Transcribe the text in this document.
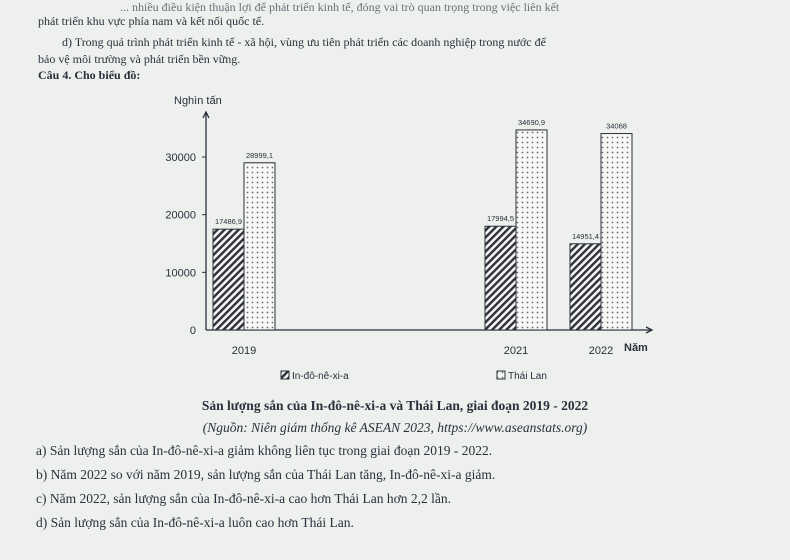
... nhiều điều kiện thuận lợi để phát triển kinh tế, đóng vai trò quan trọng trong việc liên kết
phát triển khu vực phía nam và kết nối quốc tế.
d) Trong quá trình phát triển kinh tế - xã hội, vùng ưu tiên phát triển các doanh nghiệp trong nước để
bảo vệ môi trường và phát triển bền vững.
Câu 4. Cho biểu đồ:
Nghìn tấn
Năm
0
10000
20000
30000
2019	2021	2022
17486,9
28999,1
17994,5
34690,9
14951,4
34068
In-đô-nê-xi-a	Thái Lan
Sản lượng sắn của In-đô-nê-xi-a và Thái Lan, giai đoạn 2019 - 2022
(Nguồn: Niên giám thống kê ASEAN 2023, https://www.aseanstats.org)
a) Sản lượng sắn của In-đô-nê-xi-a giảm không liên tục trong giai đoạn 2019 - 2022.
b) Năm 2022 so với năm 2019, sản lượng sắn của Thái Lan tăng, In-đô-nê-xi-a giảm.
c) Năm 2022, sản lượng sắn của In-đô-nê-xi-a cao hơn Thái Lan hơn 2,2 lần.
d) Sản lượng sắn của In-đô-nê-xi-a luôn cao hơn Thái Lan.
